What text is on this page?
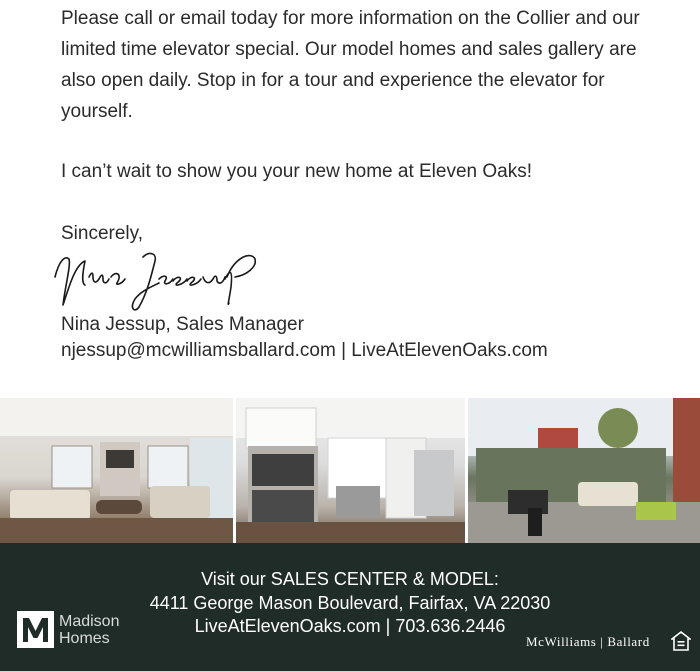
Please call or email today for more information on the Collier and our limited time elevator special. Our model homes and sales gallery are also open daily. Stop in for a tour and experience the elevator for yourself.

I can’t wait to show you your new home at Eleven Oaks!

Sincerely,
Nina Jessup, Sales Manager
njessup@mcwilliamsballard.com | LiveAtElevenOaks.com
Visit our SALES CENTER & MODEL:
4411 George Mason Boulevard, Fairfax, VA 22030
LiveAtElevenOaks.com | 703.636.2446
Madison
Homes	McWilliams | Ballard
